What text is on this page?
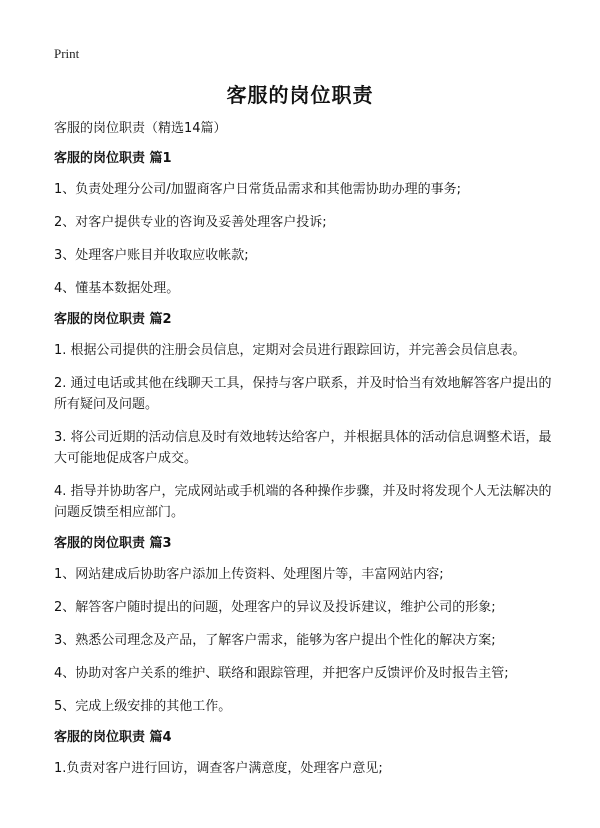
Print
客服的岗位职责

客服的岗位职责（精选14篇）

客服的岗位职责 篇1

1、负责处理分公司/加盟商客户日常货品需求和其他需协助办理的事务;

2、对客户提供专业的咨询及妥善处理客户投诉;

3、处理客户账目并收取应收帐款;

4、懂基本数据处理。

客服的岗位职责 篇2

1. 根据公司提供的注册会员信息，定期对会员进行跟踪回访，并完善会员信息表。

2. 通过电话或其他在线聊天工具，保持与客户联系，并及时恰当有效地解答客户提出的所有疑问及问题。

3. 将公司近期的活动信息及时有效地转达给客户，并根据具体的活动信息调整术语，最大可能地促成客户成交。

4. 指导并协助客户，完成网站或手机端的各种操作步骤，并及时将发现个人无法解决的问题反馈至相应部门。

客服的岗位职责 篇3

1、网站建成后协助客户添加上传资料、处理图片等，丰富网站内容;

2、解答客户随时提出的问题，处理客户的异议及投诉建议，维护公司的形象;

3、熟悉公司理念及产品，了解客户需求，能够为客户提出个性化的解决方案;

4、协助对客户关系的维护、联络和跟踪管理，并把客户反馈评价及时报告主管;

5、完成上级安排的其他工作。

客服的岗位职责 篇4

1.负责对客户进行回访，调查客户满意度，处理客户意见;
